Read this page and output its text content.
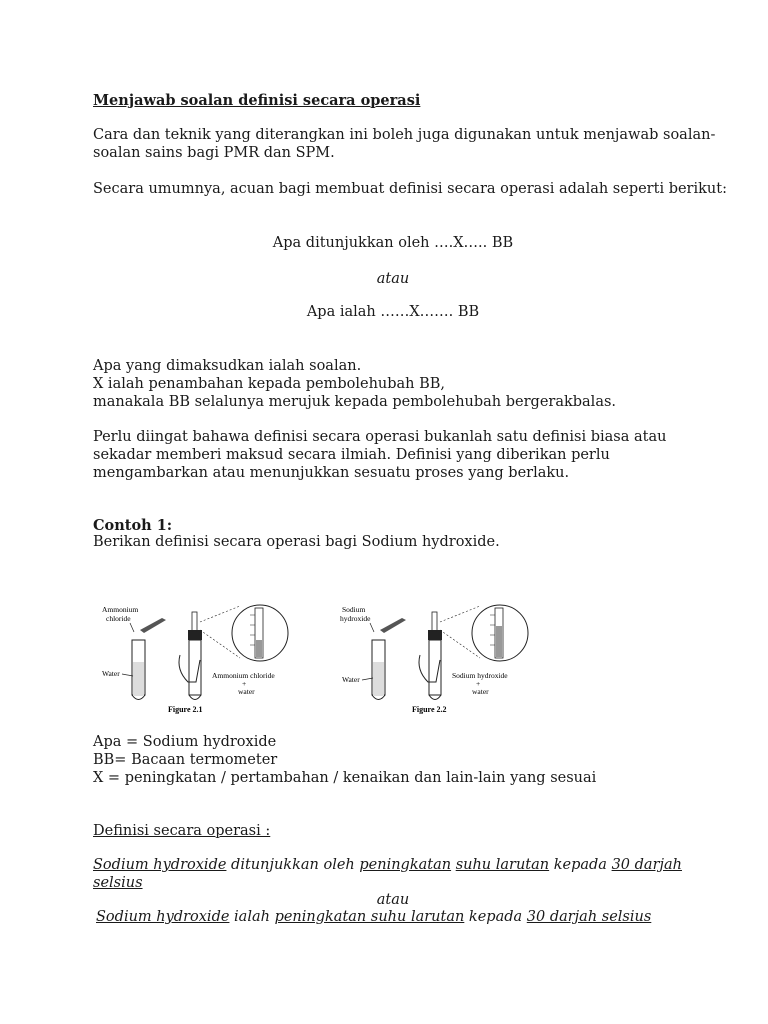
Menjawab soalan definisi secara operasi
Cara dan teknik yang diterangkan ini boleh juga digunakan untuk menjawab soalan-
soalan sains bagi PMR dan SPM.
Secara umumnya, acuan bagi membuat definisi secara operasi adalah seperti berikut:
Apa ditunjukkan oleh ….X….. BB
atau
Apa ialah ……X……. BB
Apa yang dimaksudkan ialah soalan.
X ialah penambahan kepada pembolehubah BB,
manakala BB selalunya merujuk kepada pembolehubah bergerakbalas.
Perlu diingat bahawa definisi secara operasi bukanlah satu definisi biasa atau
sekadar memberi maksud secara ilmiah. Definisi yang diberikan perlu
mengambarkan atau menunjukkan sesuatu proses yang berlaku.
Contoh 1:
Berikan definisi secara operasi bagi Sodium hydroxide.
Apa = Sodium hydroxide
BB= Bacaan termometer
X = peningkatan / pertambahan / kenaikan dan lain-lain yang sesuai
Definisi secara operasi :
Sodium hydroxide ditunjukkan oleh peningkatan suhu larutan kepada 30 darjah
selsius
atau
Sodium hydroxide ialah peningkatan suhu larutan kepada 30 darjah selsius
Ammonium
chloride
Water	Ammonium chloride
+
water
Figure 2.1
Sodium
hydroxide
Water	Sodium hydroxide
+
water
Figure 2.2
